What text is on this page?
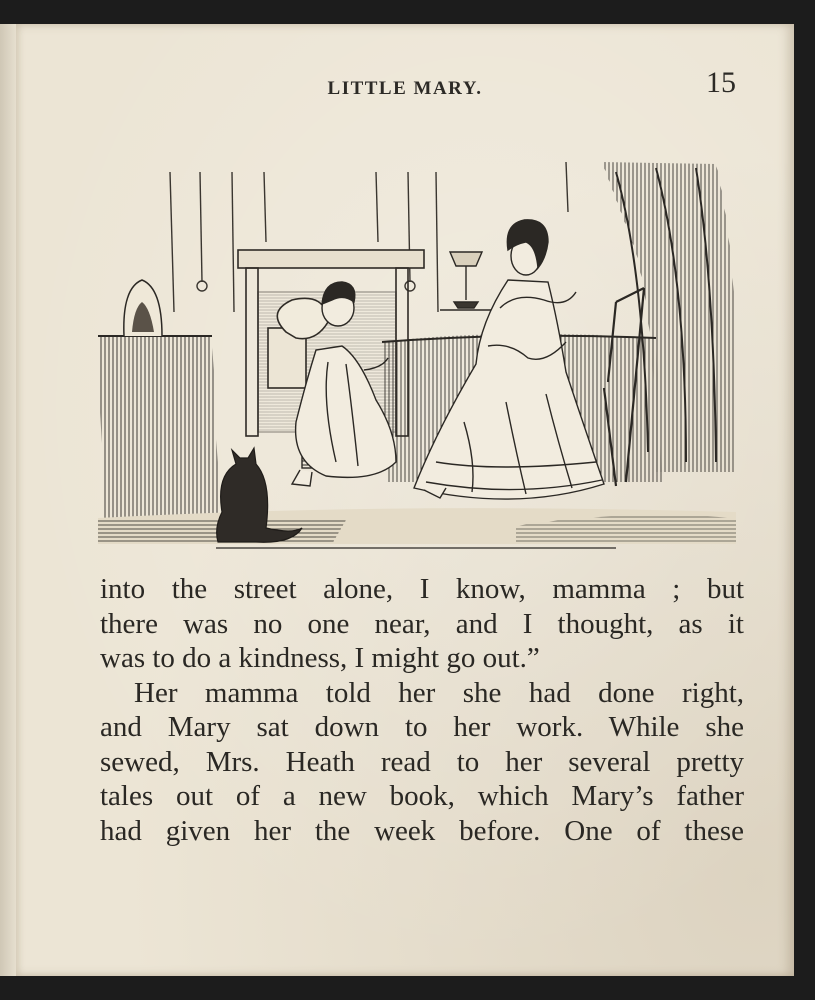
LITTLE MARY.	15

into the street alone, I know, mamma ; but
there was no one near, and I thought, as it
was to do a kindness, I might go out.”

Her mamma told her she had done right,
and Mary sat down to her work. While she
sewed, Mrs. Heath read to her several pretty
tales out of a new book, which Mary’s father
had given her the week before. One of these
